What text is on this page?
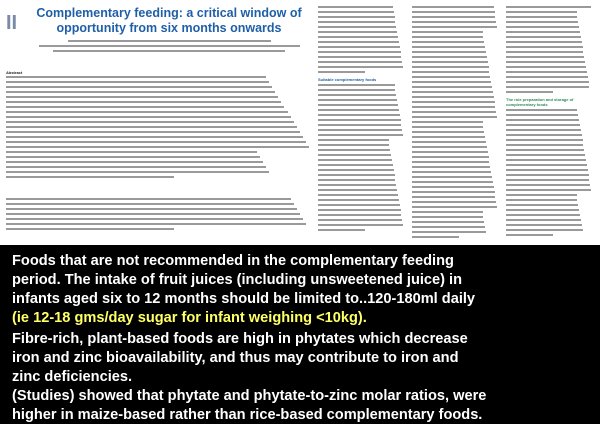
II	Complementary feeding: a critical window of opportunity from six months onwards
Abstract
Suitable complementary foods
The role preparation and storage of complementary foods

Foods that are not recommended in the complementary feeding

period. The intake of fruit juices (including unsweetened juice) in

infants aged six to 12 months should be limited to..120-180ml daily

(ie 12-18 gms/day sugar for infant weighing <10kg).

Fibre-rich, plant-based foods are high in phytates which decrease

iron and zinc bioavailability, and thus may contribute to iron and

zinc deficiencies.

(Studies) showed that phytate and phytate-to-zinc molar ratios, were

higher in maize-based rather than rice-based complementary foods.
